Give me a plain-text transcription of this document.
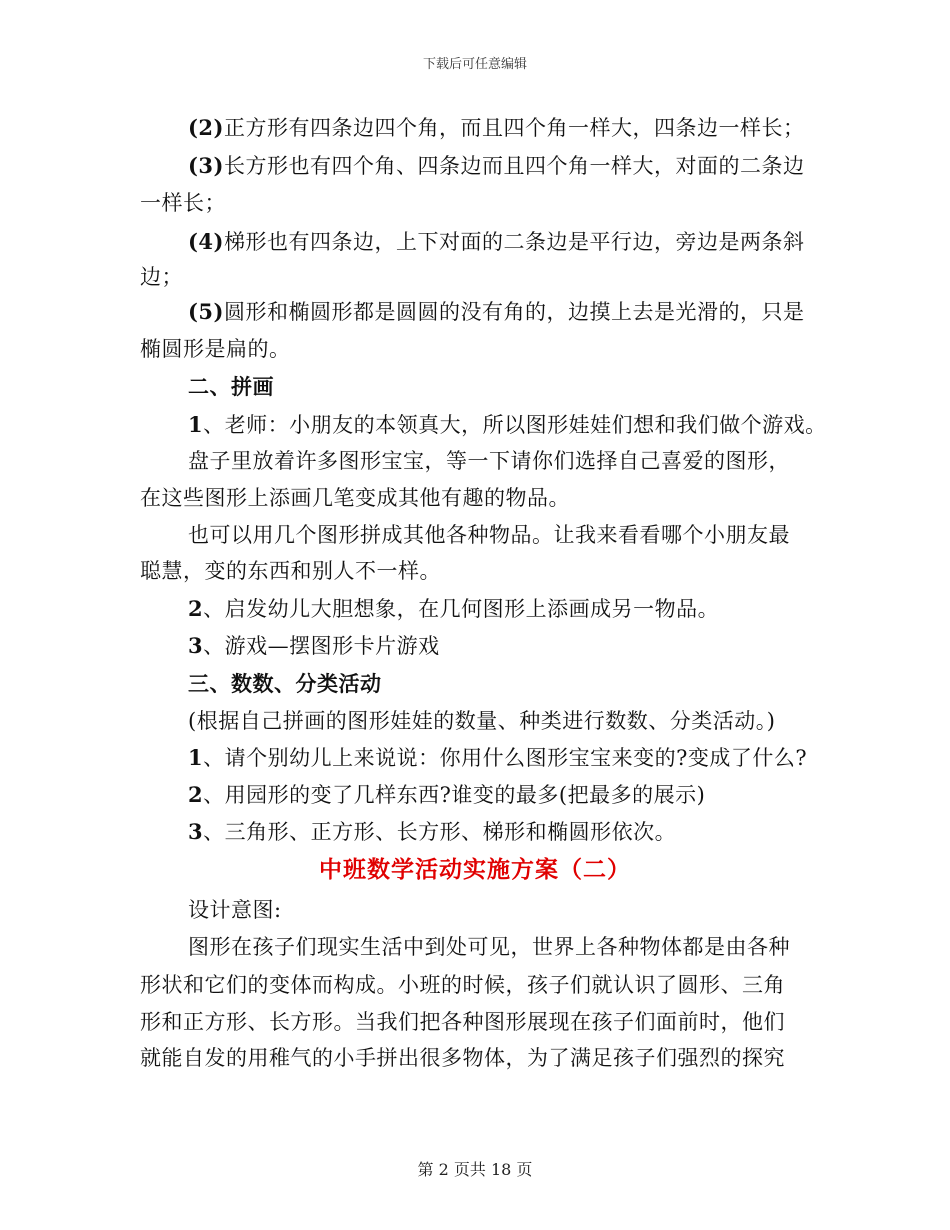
下载后可任意编辑
(2)正方形有四条边四个角，而且四个角一样大，四条边一样长；
(3)长方形也有四个角、四条边而且四个角一样大，对面的二条边
一样长；
(4)梯形也有四条边，上下对面的二条边是平行边，旁边是两条斜
边；
(5)圆形和椭圆形都是圆圆的没有角的，边摸上去是光滑的，只是
椭圆形是扁的。
二、拼画
1、老师：小朋友的本领真大，所以图形娃娃们想和我们做个游戏。
盘子里放着许多图形宝宝，等一下请你们选择自己喜爱的图形，
在这些图形上添画几笔变成其他有趣的物品。
也可以用几个图形拼成其他各种物品。让我来看看哪个小朋友最
聪慧，变的东西和别人不一样。
2、启发幼儿大胆想象，在几何图形上添画成另一物品。
3、游戏—摆图形卡片游戏
三、数数、分类活动
(根据自己拼画的图形娃娃的数量、种类进行数数、分类活动。)
1、请个别幼儿上来说说：你用什么图形宝宝来变的?变成了什么?
2、用园形的变了几样东西?谁变的最多(把最多的展示)
3、三角形、正方形、长方形、梯形和椭圆形依次。
中班数学活动实施方案（二）
设计意图:
图形在孩子们现实生活中到处可见，世界上各种物体都是由各种
形状和它们的变体而构成。小班的时候，孩子们就认识了圆形、三角
形和正方形、长方形。当我们把各种图形展现在孩子们面前时，他们
就能自发的用稚气的小手拼出很多物体，为了满足孩子们强烈的探究
第 2 页共 18 页
